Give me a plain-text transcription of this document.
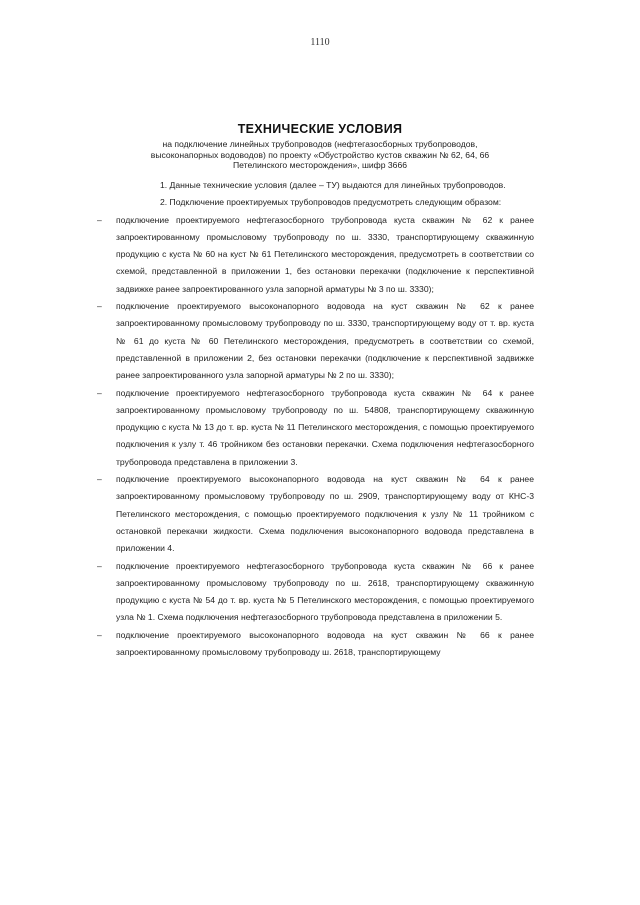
1110
ТЕХНИЧЕСКИЕ УСЛОВИЯ
на подключение линейных трубопроводов (нефтегазосборных трубопроводов,
высоконапорных водоводов) по проекту «Обустройство кустов скважин № 62, 64, 66
Петелинского месторождения», шифр 3666

1. Данные технические условия (далее – ТУ) выдаются для линейных трубопроводов.

2. Подключение проектируемых трубопроводов предусмотреть следующим образом:

– подключение проектируемого нефтегазосборного трубопровода куста скважин № 62 к ранее запроектированному промысловому трубопроводу по ш. 3330, транспортирующему скважинную продукцию с куста № 60 на куст № 61 Петелинского месторождения, предусмотреть в соответствии со схемой, представленной в приложении 1, без остановки перекачки (подключение к перспективной задвижке ранее запроектированного узла запорной арматуры № 3 по ш. 3330);
– подключение проектируемого высоконапорного водовода на куст скважин № 62 к ранее запроектированному промысловому трубопроводу по ш. 3330, транспортирующему воду от т. вр. куста № 61 до куста № 60 Петелинского месторождения, предусмотреть в соответствии со схемой, представленной в приложении 2, без остановки перекачки (подключение к перспективной задвижке ранее запроектированного узла запорной арматуры № 2 по ш. 3330);
– подключение проектируемого нефтегазосборного трубопровода куста скважин № 64 к ранее запроектированному промысловому трубопроводу по ш. 54808, транспортирующему скважинную продукцию с куста № 13 до т. вр. куста № 11 Петелинского месторождения, с помощью проектируемого подключения к узлу т. 46 тройником без остановки перекачки. Схема подключения нефтегазосборного трубопровода представлена в приложении 3.
– подключение проектируемого высоконапорного водовода на куст скважин № 64 к ранее запроектированному промысловому трубопроводу по ш. 2909, транспортирующему воду от КНС-3 Петелинского месторождения, с помощью проектируемого подключения к узлу № 11 тройником с остановкой перекачки жидкости. Схема подключения высоконапорного водовода представлена в приложении 4.
– подключение проектируемого нефтегазосборного трубопровода куста скважин № 66 к ранее запроектированному промысловому трубопроводу по ш. 2618, транспортирующему скважинную продукцию с куста № 54 до т. вр. куста № 5 Петелинского месторождения, с помощью проектируемого узла № 1. Схема подключения нефтегазосборного трубопровода представлена в приложении 5.
– подключение проектируемого высоконапорного водовода на куст скважин № 66 к ранее запроектированному промысловому трубопроводу ш. 2618, транспортирующему
